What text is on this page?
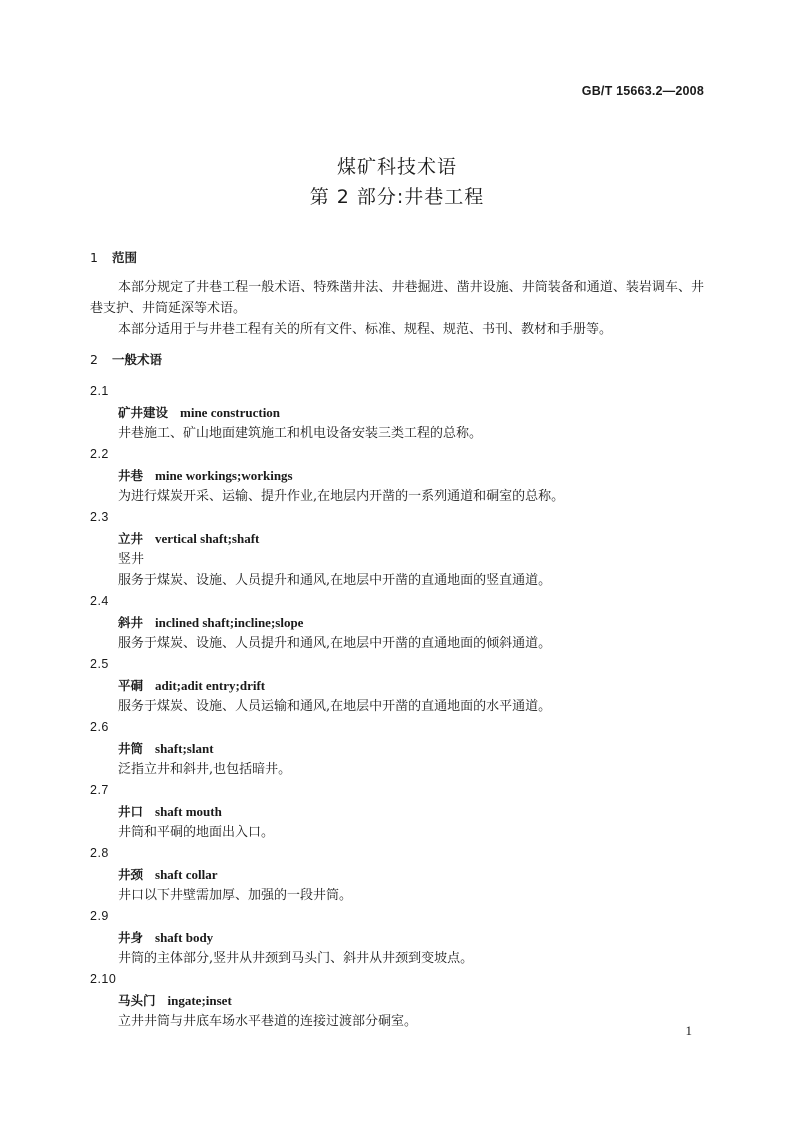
GB/T 15663.2—2008
煤矿科技术语
第 2 部分:井巷工程
1 范围
本部分规定了井巷工程一般术语、特殊凿井法、井巷掘进、凿井设施、井筒装备和通道、装岩调车、井巷支护、井筒延深等术语。
本部分适用于与井巷工程有关的所有文件、标准、规程、规范、书刊、教材和手册等。
2 一般术语
2.1
矿井建设 mine construction
井巷施工、矿山地面建筑施工和机电设备安装三类工程的总称。
2.2
井巷 mine workings;workings
为进行煤炭开采、运输、提升作业,在地层内开凿的一系列通道和硐室的总称。
2.3
立井 vertical shaft;shaft
竖井
服务于煤炭、设施、人员提升和通风,在地层中开凿的直通地面的竖直通道。
2.4
斜井 inclined shaft;incline;slope
服务于煤炭、设施、人员提升和通风,在地层中开凿的直通地面的倾斜通道。
2.5
平硐 adit;adit entry;drift
服务于煤炭、设施、人员运输和通风,在地层中开凿的直通地面的水平通道。
2.6
井筒 shaft;slant
泛指立井和斜井,也包括暗井。
2.7
井口 shaft mouth
井筒和平硐的地面出入口。
2.8
井颈 shaft collar
井口以下井壁需加厚、加强的一段井筒。
2.9
井身 shaft body
井筒的主体部分,竖井从井颈到马头门、斜井从井颈到变坡点。
2.10
马头门 ingate;inset
立井井筒与井底车场水平巷道的连接过渡部分硐室。
1
